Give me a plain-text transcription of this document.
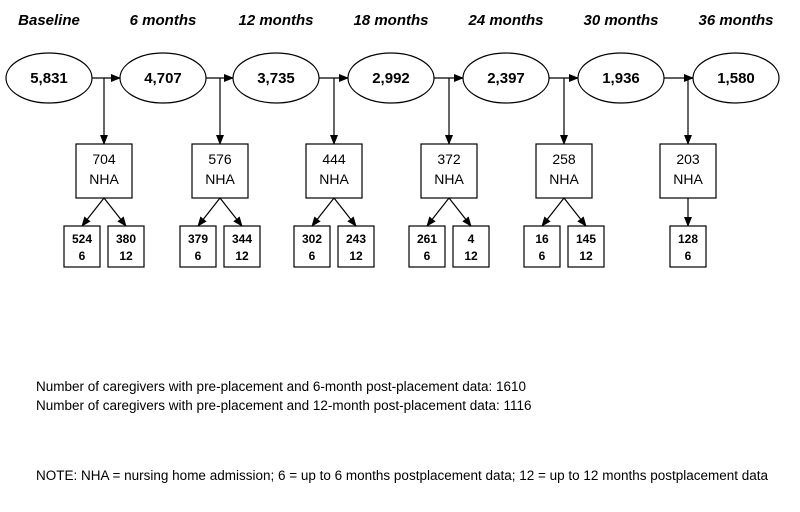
Baseline
5,831
6 months
4,707
12 months
3,735
18 months
2,992
24 months
2,397
30 months
1,936
36 months
1,580
704
NHA
524
6
380
12
576
NHA
379
6
344
12
444
NHA
302
6
243
12
372
NHA
261
6
4
12
258
NHA
16
6
145
12
203
NHA
128
6
Number of caregivers with pre-placement and 6-month post-placement data: 1610
Number of caregivers with pre-placement and 12-month post-placement data: 1116
NOTE: NHA = nursing home admission; 6 = up to 6 months postplacement data; 12 = up to 12 months postplacement data
